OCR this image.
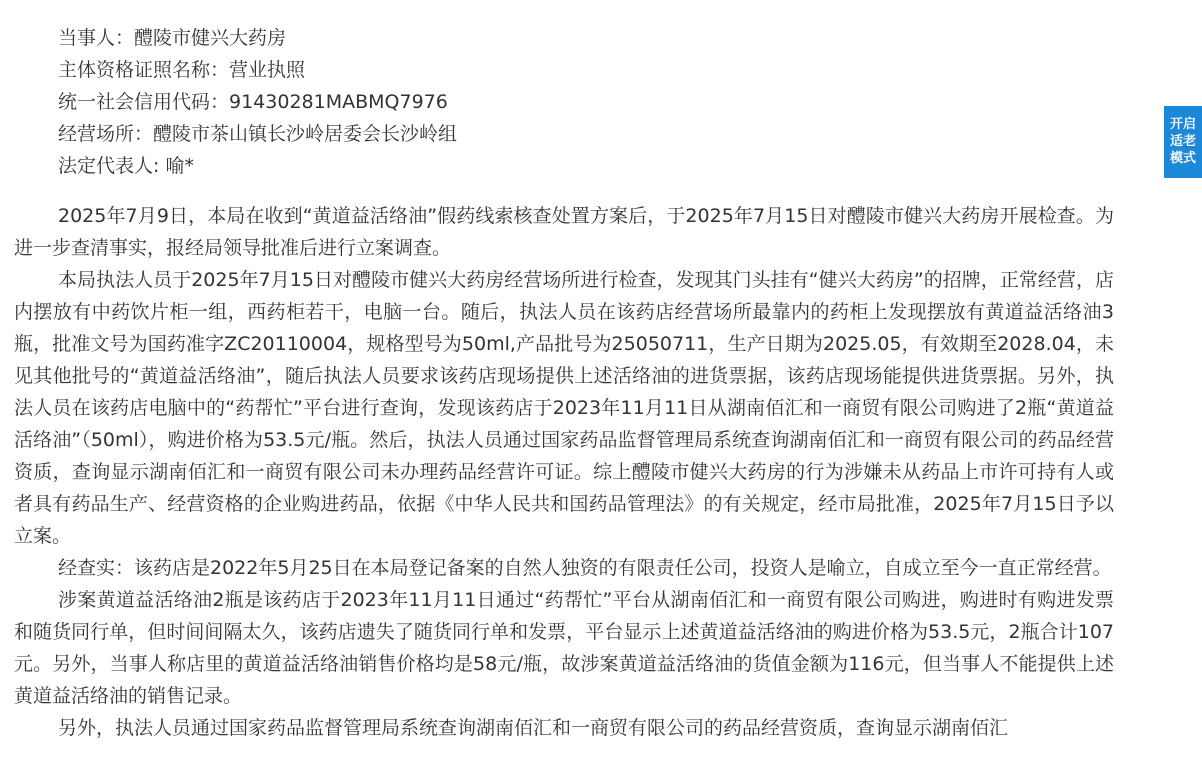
当事人：醴陵市健兴大药房

主体资格证照名称：营业执照

统一社会信用代码：91430281MABMQ7976

经营场所：醴陵市茶山镇长沙岭居委会长沙岭组

法定代表人: 喻*

2025年7月9日，本局在收到“黄道益活络油”假药线索核查处置方案后，于2025年7月15日对醴陵市健兴大药房开展检查。为进一步查清事实，报经局领导批准后进行立案调查。

本局执法人员于2025年7月15日对醴陵市健兴大药房经营场所进行检查，发现其门头挂有“健兴大药房”的招牌，正常经营，店内摆放有中药饮片柜一组，西药柜若干，电脑一台。随后，执法人员在该药店经营场所最靠内的药柜上发现摆放有黄道益活络油3瓶，批准文号为国药准字ZC20110004，规格型号为50ml,产品批号为25050711，生产日期为2025.05，有效期至2028.04，未见其他批号的“黄道益活络油”，随后执法人员要求该药店现场提供上述活络油的进货票据，该药店现场能提供进货票据。另外，执法人员在该药店电脑中的“药帮忙”平台进行查询，发现该药店于2023年11月11日从湖南佰汇和一商贸有限公司购进了2瓶“黄道益活络油”（50ml），购进价格为53.5元/瓶。然后，执法人员通过国家药品监督管理局系统查询湖南佰汇和一商贸有限公司的药品经营资质，查询显示湖南佰汇和一商贸有限公司未办理药品经营许可证。综上醴陵市健兴大药房的行为涉嫌未从药品上市许可持有人或者具有药品生产、经营资格的企业购进药品，依据《中华人民共和国药品管理法》的有关规定，经市局批准，2025年7月15日予以立案。

经查实：该药店是2022年5月25日在本局登记备案的自然人独资的有限责任公司，投资人是喻立，自成立至今一直正常经营。

涉案黄道益活络油2瓶是该药店于2023年11月11日通过“药帮忙”平台从湖南佰汇和一商贸有限公司购进，购进时有购进发票和随货同行单，但时间间隔太久，该药店遗失了随货同行单和发票，平台显示上述黄道益活络油的购进价格为53.5元，2瓶合计107元。另外，当事人称店里的黄道益活络油销售价格均是58元/瓶，故涉案黄道益活络油的货值金额为116元，但当事人不能提供上述黄道益活络油的销售记录。

另外，执法人员通过国家药品监督管理局系统查询湖南佰汇和一商贸有限公司的药品经营资质，查询显示湖南佰汇

开启
适老
模式
